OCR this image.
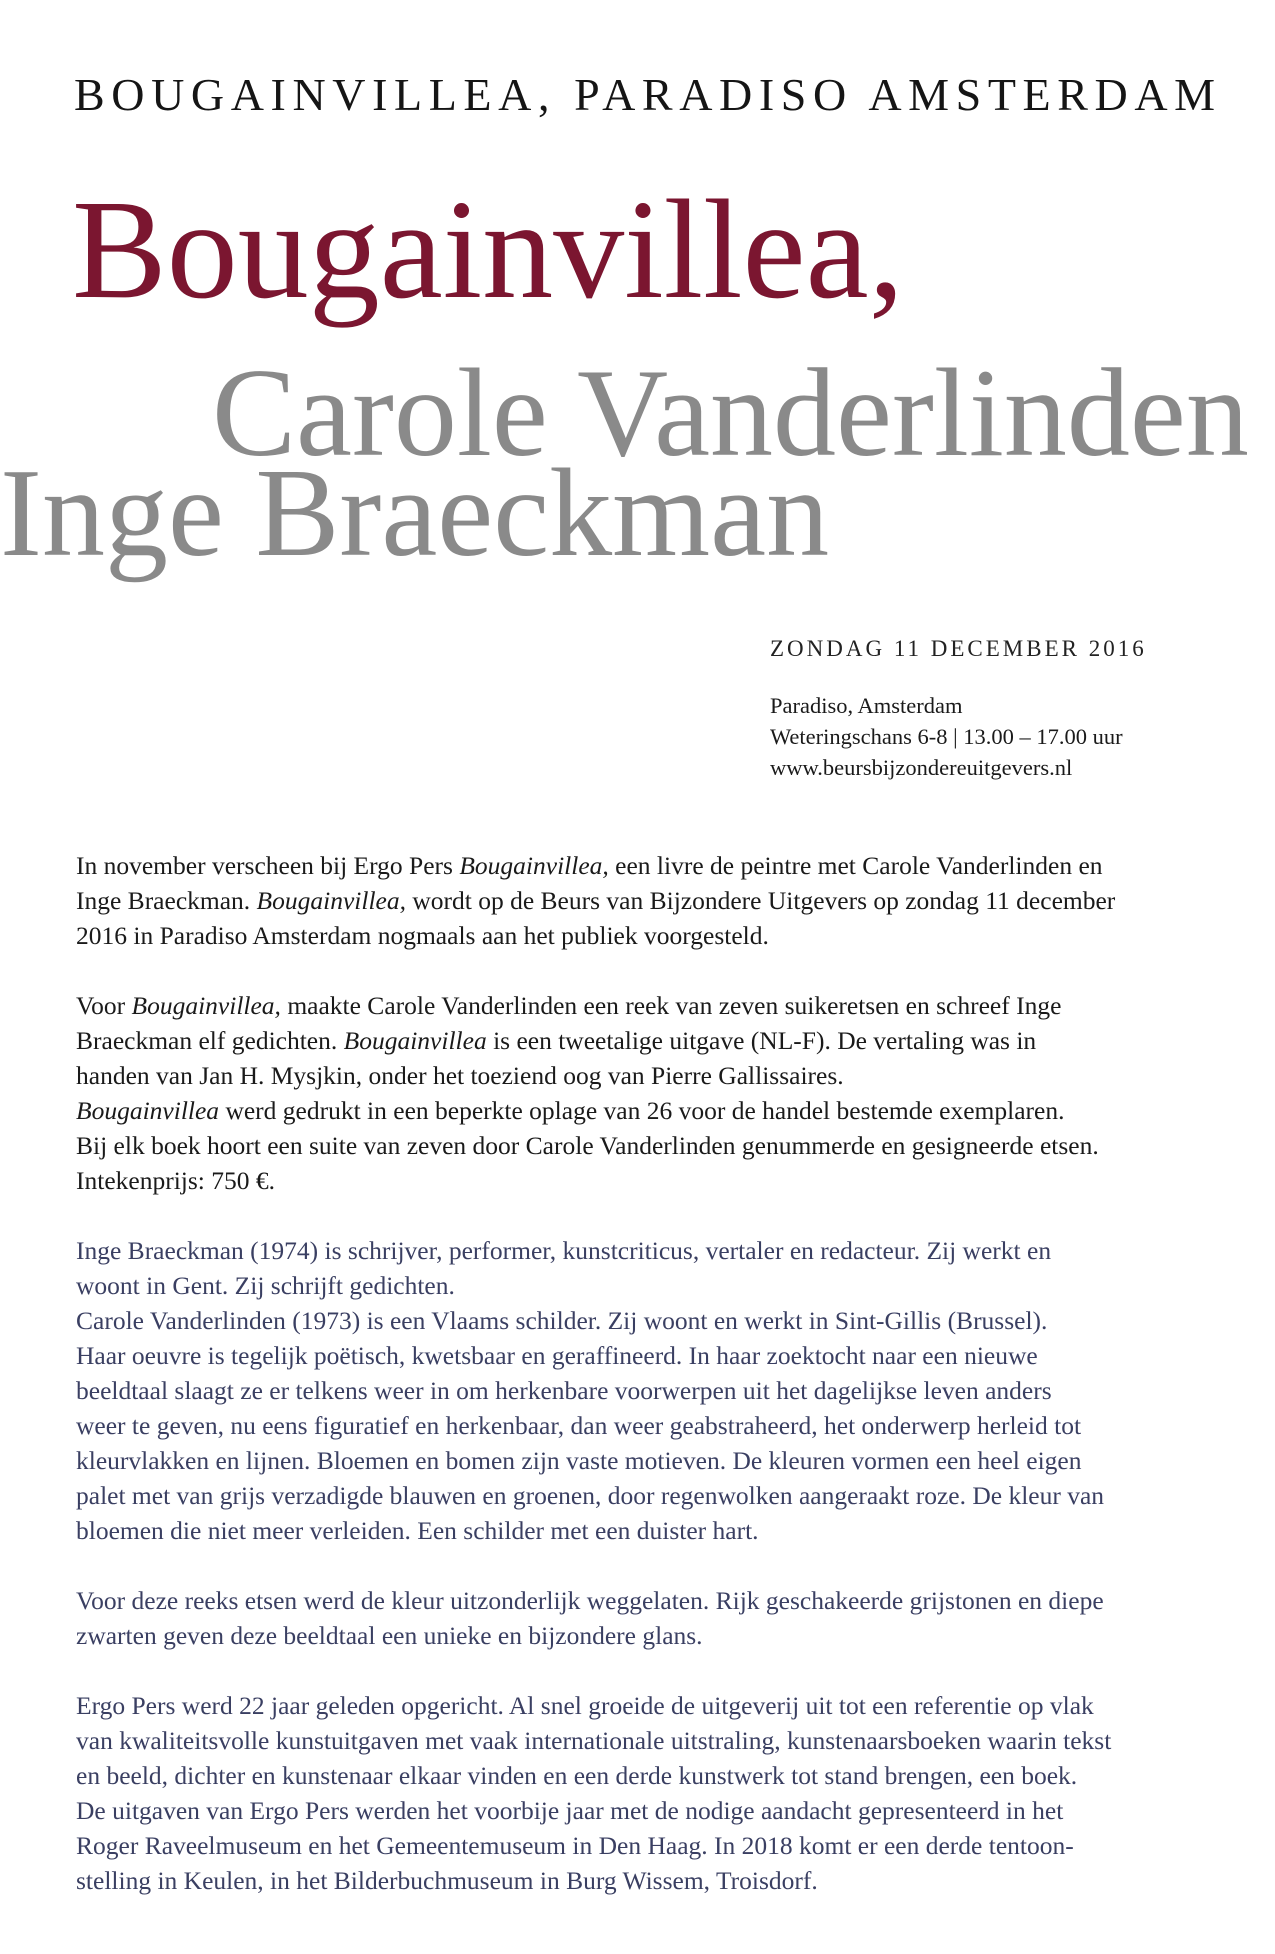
BOUGAINVILLEA, PARADISO AMSTERDAM
Bougainvillea,
Carole Vanderlinden
Inge Braeckman
ZONDAG 11 DECEMBER 2016
Paradiso, Amsterdam
Weteringschans 6-8 | 13.00 – 17.00 uur
www.beursbijzondereuitgevers.nl
In november verscheen bij Ergo Pers Bougainvillea, een livre de peintre met Carole Vanderlinden en
Inge Braeckman. Bougainvillea, wordt op de Beurs van Bijzondere Uitgevers op zondag 11 december
2016 in Paradiso Amsterdam nogmaals aan het publiek voorgesteld.
Voor Bougainvillea, maakte Carole Vanderlinden een reek van zeven suikeretsen en schreef Inge
Braeckman elf gedichten. Bougainvillea is een tweetalige uitgave (NL-F). De vertaling was in
handen van Jan H. Mysjkin, onder het toeziend oog van Pierre Gallissaires.
Bougainvillea werd gedrukt in een beperkte oplage van 26 voor de handel bestemde exemplaren.
Bij elk boek hoort een suite van zeven door Carole Vanderlinden genummerde en gesigneerde etsen.
Intekenprijs: 750 €.
Inge Braeckman (1974) is schrijver, performer, kunstcriticus, vertaler en redacteur. Zij werkt en
woont in Gent. Zij schrijft gedichten.
Carole Vanderlinden (1973) is een Vlaams schilder. Zij woont en werkt in Sint-Gillis (Brussel).
Haar oeuvre is tegelijk poëtisch, kwetsbaar en geraffineerd. In haar zoektocht naar een nieuwe
beeldtaal slaagt ze er telkens weer in om herkenbare voorwerpen uit het dagelijkse leven anders
weer te geven, nu eens figuratief en herkenbaar, dan weer geabstraheerd, het onderwerp herleid tot
kleurvlakken en lijnen. Bloemen en bomen zijn vaste motieven. De kleuren vormen een heel eigen
palet met van grijs verzadigde blauwen en groenen, door regenwolken aangeraakt roze. De kleur van
bloemen die niet meer verleiden. Een schilder met een duister hart.
Voor deze reeks etsen werd de kleur uitzonderlijk weggelaten. Rijk geschakeerde grijstonen en diepe
zwarten geven deze beeldtaal een unieke en bijzondere glans.
Ergo Pers werd 22 jaar geleden opgericht. Al snel groeide de uitgeverij uit tot een referentie op vlak
van kwaliteitsvolle kunstuitgaven met vaak internationale uitstraling, kunstenaarsboeken waarin tekst
en beeld, dichter en kunstenaar elkaar vinden en een derde kunstwerk tot stand brengen, een boek.
De uitgaven van Ergo Pers werden het voorbije jaar met de nodige aandacht gepresenteerd in het
Roger Raveelmuseum en het Gemeentemuseum in Den Haag. In 2018 komt er een derde tentoon-
stelling in Keulen, in het Bilderbuchmuseum in Burg Wissem, Troisdorf.
